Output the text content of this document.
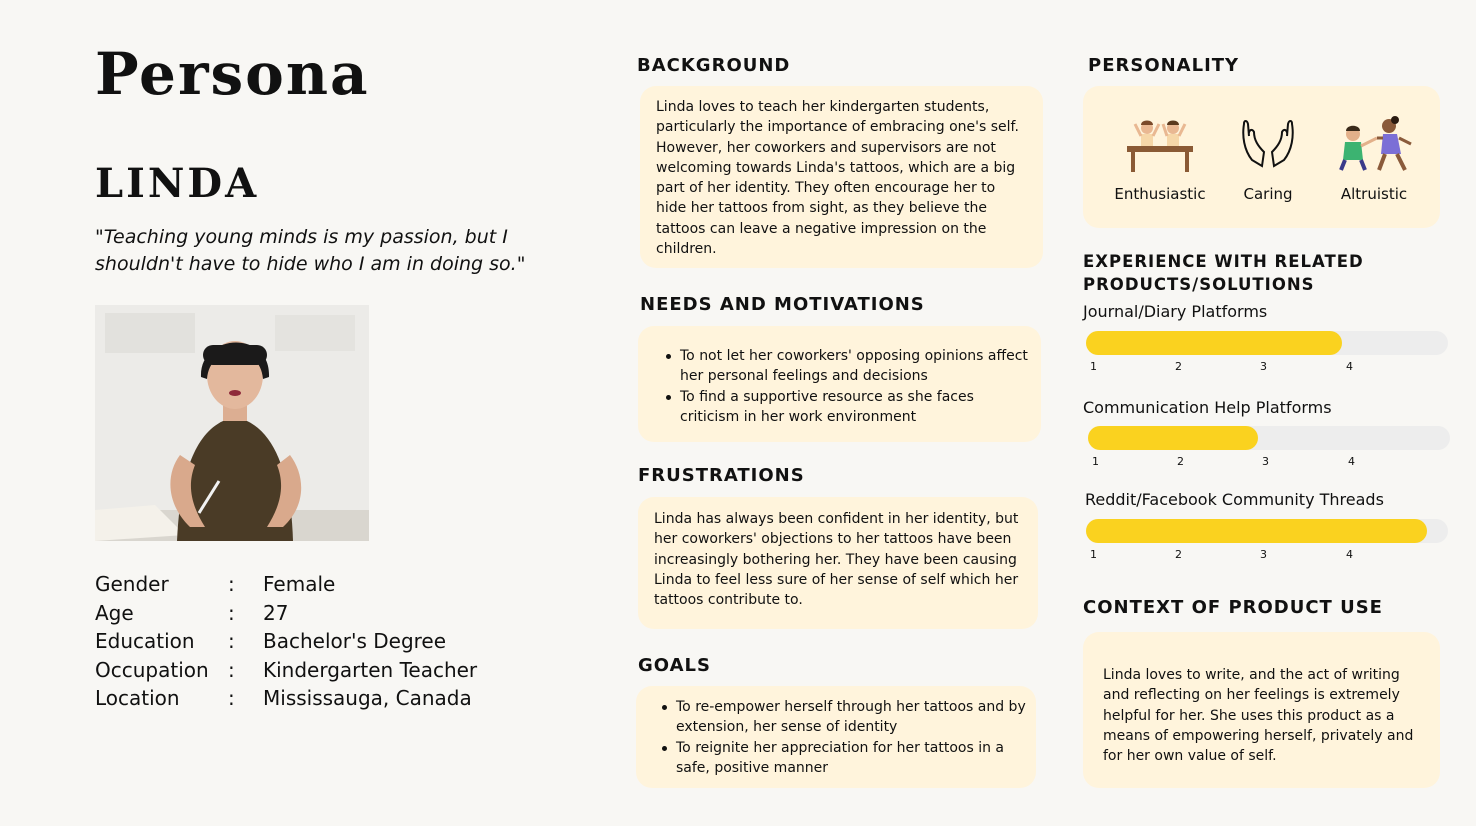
Persona
LINDA
"Teaching young minds is my passion, but I shouldn't have to hide who I am in doing so."
Gender	: Female
Age	: 27
Education : Bachelor's Degree
Occupation : Kindergarten Teacher
Location : Mississauga, Canada
BACKGROUND

Linda loves to teach her kindergarten students, particularly the importance of embracing one's self. However, her coworkers and supervisors are not welcoming towards Linda's tattoos, which are a big part of her identity. They often encourage her to hide her tattoos from sight, as they believe the tattoos can leave a negative impression on the children.

NEEDS AND MOTIVATIONS
To not let her coworkers' opposing opinions affect her personal feelings and decisions
To find a supportive resource as she faces criticism in her work environment
FRUSTRATIONS

Linda has always been confident in her identity, but her coworkers' objections to her tattoos have been increasingly bothering her. They have been causing Linda to feel less sure of her sense of self which her tattoos contribute to.

GOALS
To re-empower herself through her tattoos and by extension, her sense of identity
To reignite her appreciation for her tattoos in a safe, positive manner
PERSONALITY
Enthusiastic	Caring	Altruistic
EXPERIENCE WITH RELATED PRODUCTS/SOLUTIONS
Journal/Diary Platforms
1	2	3	4
Communication Help Platforms
1	2	3	4
Reddit/Facebook Community Threads
1	2	3	4
CONTEXT OF PRODUCT USE

Linda loves to write, and the act of writing and reflecting on her feelings is extremely helpful for her. She uses this product as a means of empowering herself, privately and for her own value of self.
